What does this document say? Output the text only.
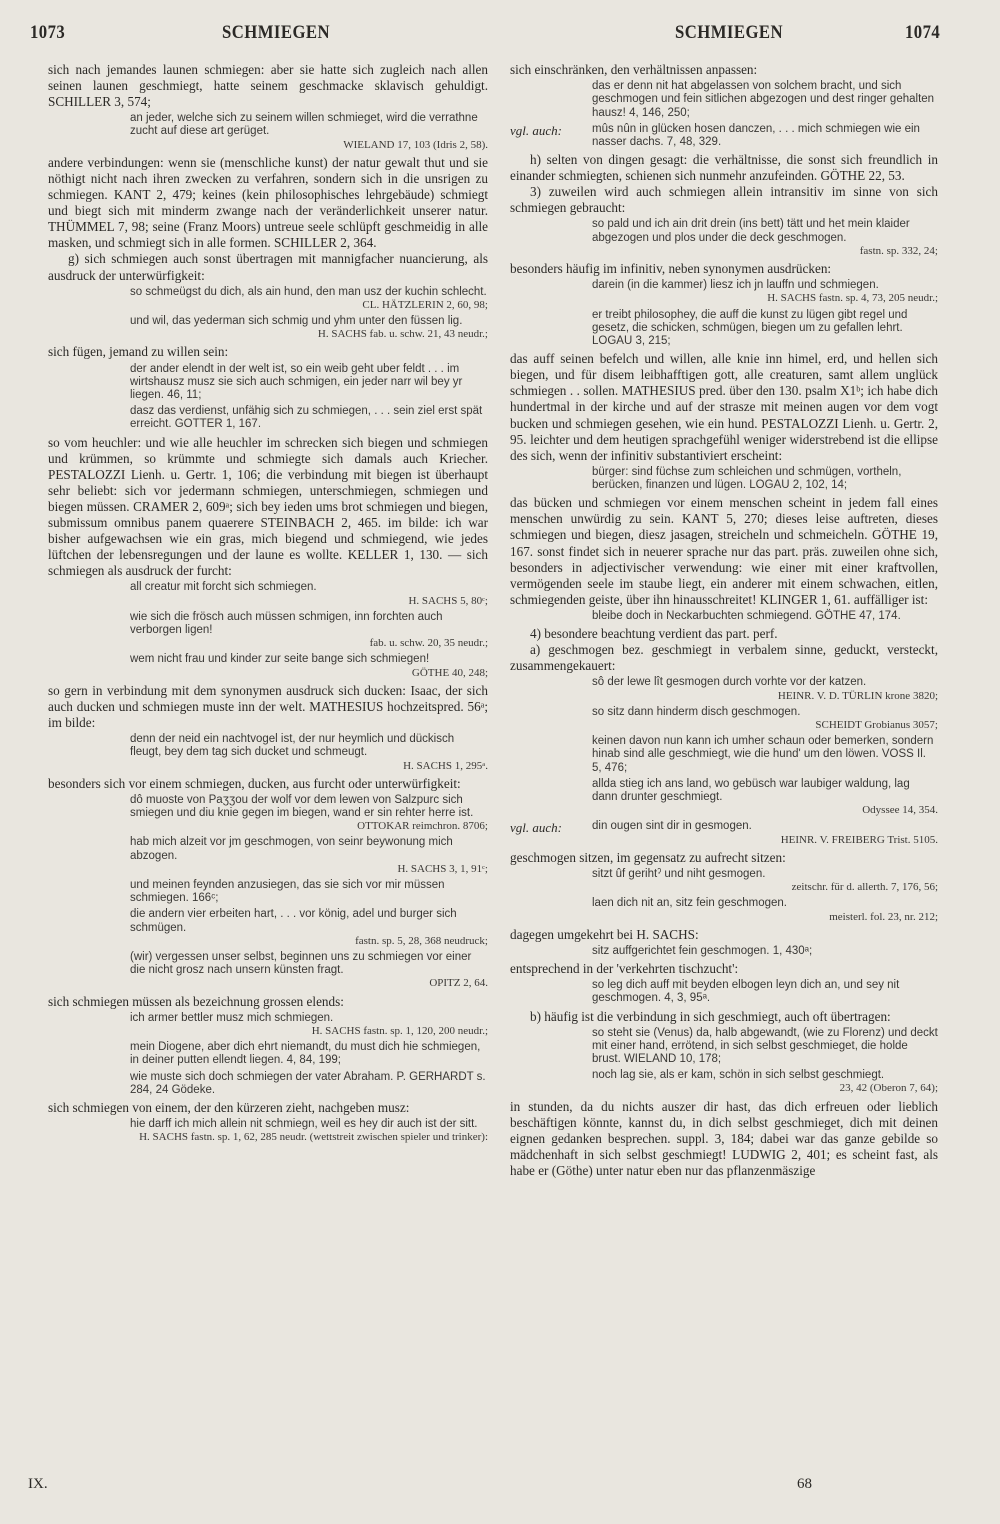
1073	SCHMIEGEN	SCHMIEGEN	1074

sich nach jemandes launen schmiegen: aber sie hatte sich zugleich nach allen seinen launen geschmiegt, hatte seinem geschmacke sklavisch gehuldigt. SCHILLER 3, 574;

an jeder, welche sich zu seinem willen schmieget, wird die verrathne zucht auf diese art gerüget.
WIELAND 17, 103 (Idris 2, 58).

andere verbindungen: wenn sie (menschliche kunst) der natur gewalt thut und sie nöthigt nicht nach ihren zwecken zu verfahren, sondern sich in die unsrigen zu schmiegen. KANT 2, 479; keines (kein philosophisches lehrgebäude) schmiegt und biegt sich mit minderm zwange nach der veränderlichkeit unserer natur. THÜMMEL 7, 98; seine (Franz Moors) untreue seele schlüpft geschmeidig in alle masken, und schmiegt sich in alle formen. SCHILLER 2, 364.

g) sich schmiegen auch sonst übertragen mit mannigfacher nuancierung, als ausdruck der unterwürfigkeit:

so schmeügst du dich, als ain hund, den man usz der kuchin schlecht.
CL. HÄTZLERIN 2, 60, 98;
und wil, das yederman sich schmig und yhm unter den füssen lig.
H. SACHS fab. u. schw. 21, 43 neudr.;

sich fügen, jemand zu willen sein:

der ander elendt in der welt ist, so ein weib geht uber feldt . . . im wirtshausz musz sie sich auch schmigen, ein jeder narr wil bey yr liegen. 46, 11;
dasz das verdienst, unfähig sich zu schmiegen, . . . sein ziel erst spät erreicht. GOTTER 1, 167.

so vom heuchler: und wie alle heuchler im schrecken sich biegen und schmiegen und krümmen, so krümmte und schmiegte sich damals auch Kriecher. PESTALOZZI Lienh. u. Gertr. 1, 106; die verbindung mit biegen ist überhaupt sehr beliebt: sich vor jedermann schmiegen, unterschmiegen, schmiegen und biegen müssen. CRAMER 2, 609ᵃ; sich bey ieden ums brot schmiegen und biegen, submissum omnibus panem quaerere STEINBACH 2, 465. im bilde: ich war bisher aufgewachsen wie ein gras, mich biegend und schmiegend, wie jedes lüftchen der lebensregungen und der laune es wollte. KELLER 1, 130. — sich schmiegen als ausdruck der furcht:

all creatur mit forcht sich schmiegen.
H. SACHS 5, 80ᶜ;
wie sich die frösch auch müssen schmigen, inn forchten auch verborgen ligen!
fab. u. schw. 20, 35 neudr.;
wem nicht frau und kinder zur seite bange sich schmiegen!
GÖTHE 40, 248;

so gern in verbindung mit dem synonymen ausdruck sich ducken: Isaac, der sich auch ducken und schmiegen muste inn der welt. MATHESIUS hochzeitspred. 56ᵃ; im bilde:

denn der neid ein nachtvogel ist, der nur heymlich und dückisch fleugt, bey dem tag sich ducket und schmeugt.
H. SACHS 1, 295ᵃ.

besonders sich vor einem schmiegen, ducken, aus furcht oder unterwürfigkeit:

dô muoste von Paʒʒou der wolf vor dem lewen von Salzpurc sich smiegen und diu knie gegen im biegen, wand er sin rehter herre ist.
OTTOKAR reimchron. 8706;
hab mich alzeit vor jm geschmogen, von seinr beywonung mich abzogen.
H. SACHS 3, 1, 91ᶜ;
und meinen feynden anzusiegen, das sie sich vor mir müssen schmiegen. 166ᶜ;
die andern vier erbeiten hart, . . . vor könig, adel und burger sich schmügen.
fastn. sp. 5, 28, 368 neudruck;
(wir) vergessen unser selbst, beginnen uns zu schmiegen vor einer die nicht grosz nach unsern künsten fragt.
OPITZ 2, 64.

sich schmiegen müssen als bezeichnung grossen elends:

ich armer bettler musz mich schmiegen.
H. SACHS fastn. sp. 1, 120, 200 neudr.;
mein Diogene, aber dich ehrt niemandt, du must dich hie schmiegen, in deiner putten ellendt liegen. 4, 84, 199;
wie muste sich doch schmiegen der vater Abraham. P. GERHARDT s. 284, 24 Gödeke.

sich schmiegen von einem, der den kürzeren zieht, nachgeben musz:

hie darff ich mich allein nit schmiegn, weil es hey dir auch ist der sitt.
H. SACHS fastn. sp. 1, 62, 285 neudr. (wettstreit zwischen spieler und trinker):

sich einschränken, den verhältnissen anpassen:

das er denn nit hat abgelassen von solchem bracht, und sich geschmogen und fein sitlichen abgezogen und dest ringer gehalten hausz! 4, 146, 250;
vgl. auch:	mûs nûn in glücken hosen danczen, . . . mich schmiegen wie ein nasser dachs. 7, 48, 329.

h) selten von dingen gesagt: die verhältnisse, die sonst sich freundlich in einander schmiegten, schienen sich nunmehr anzufeinden. GÖTHE 22, 53.

3) zuweilen wird auch schmiegen allein intransitiv im sinne von sich schmiegen gebraucht:

so pald und ich ain drit drein (ins bett) tätt und het mein klaider abgezogen und plos under die deck geschmogen.
fastn. sp. 332, 24;

besonders häufig im infinitiv, neben synonymen ausdrücken:

darein (in die kammer) liesz ich jn lauffn und schmiegen.
H. SACHS fastn. sp. 4, 73, 205 neudr.;
er treibt philosophey, die auff die kunst zu lügen gibt regel und gesetz, die schicken, schmügen, biegen um zu gefallen lehrt. LOGAU 3, 215;

das auff seinen befelch und willen, alle knie inn himel, erd, und hellen sich biegen, und für disem leibhafftigen gott, alle creaturen, samt allem unglück schmiegen . . sollen. MATHESIUS pred. über den 130. psalm X1ᵇ; ich habe dich hundertmal in der kirche und auf der strasze mit meinen augen vor dem vogt bucken und schmiegen gesehen, wie ein hund. PESTALOZZI Lienh. u. Gertr. 2, 95. leichter und dem heutigen sprachgefühl weniger widerstrebend ist die ellipse des sich, wenn der infinitiv substantiviert erscheint:

bürger: sind füchse zum schleichen und schmügen, vortheln, berücken, finanzen und lügen. LOGAU 2, 102, 14;

das bücken und schmiegen vor einem menschen scheint in jedem fall eines menschen unwürdig zu sein. KANT 5, 270; dieses leise auftreten, dieses schmiegen und biegen, diesz jasagen, streicheln und schmeicheln. GÖTHE 19, 167. sonst findet sich in neuerer sprache nur das part. präs. zuweilen ohne sich, besonders in adjectivischer verwendung: wie einer mit einer kraftvollen, vermögenden seele im staube liegt, ein anderer mit einem schwachen, eitlen, schmiegenden geiste, über ihn hinausschreitet! KLINGER 1, 61. auffälliger ist:

bleibe doch in Neckarbuchten schmiegend. GÖTHE 47, 174.

4) besondere beachtung verdient das part. perf.

a) geschmogen bez. geschmiegt in verbalem sinne, geduckt, versteckt, zusammengekauert:

sô der lewe lît gesmogen durch vorhte vor der katzen.
HEINR. V. D. TÜRLIN krone 3820;
so sitz dann hinderm disch geschmogen.
SCHEIDT Grobianus 3057;
keinen davon nun kann ich umher schaun oder bemerken, sondern hinab sind alle geschmiegt, wie die hund' um den löwen. VOSS Il. 5, 476;
allda stieg ich ans land, wo gebüsch war laubiger waldung, lag dann drunter geschmiegt.
Odyssee 14, 354.
vgl. auch:	din ougen sint dir in gesmogen.
HEINR. V. FREIBERG Trist. 5105.

geschmogen sitzen, im gegensatz zu aufrecht sitzen:

sitzt ûf gerihtˀ und niht gesmogen.
zeitschr. für d. allerth. 7, 176, 56;
laen dich nit an, sitz fein geschmogen.
meisterl. fol. 23, nr. 212;

dagegen umgekehrt bei H. SACHS:

sitz auffgerichtet fein geschmogen. 1, 430ᵃ;

entsprechend in der 'verkehrten tischzucht':

so leg dich auff mit beyden elbogen leyn dich an, und sey nit geschmogen. 4, 3, 95ᵃ.

b) häufig ist die verbindung in sich geschmiegt, auch oft übertragen:

so steht sie (Venus) da, halb abgewandt, (wie zu Florenz) und deckt mit einer hand, errötend, in sich selbst geschmieget, die holde brust. WIELAND 10, 178;
noch lag sie, als er kam, schön in sich selbst geschmiegt.
23, 42 (Oberon 7, 64);

in stunden, da du nichts auszer dir hast, das dich erfreuen oder lieblich beschäftigen könnte, kannst du, in dich selbst geschmieget, dich mit deinen eignen gedanken besprechen. suppl. 3, 184; dabei war das ganze gebilde so mädchenhaft in sich selbst geschmiegt! LUDWIG 2, 401; es scheint fast, als habe er (Göthe) unter natur eben nur das pflanzenmäszige

IX.	68
